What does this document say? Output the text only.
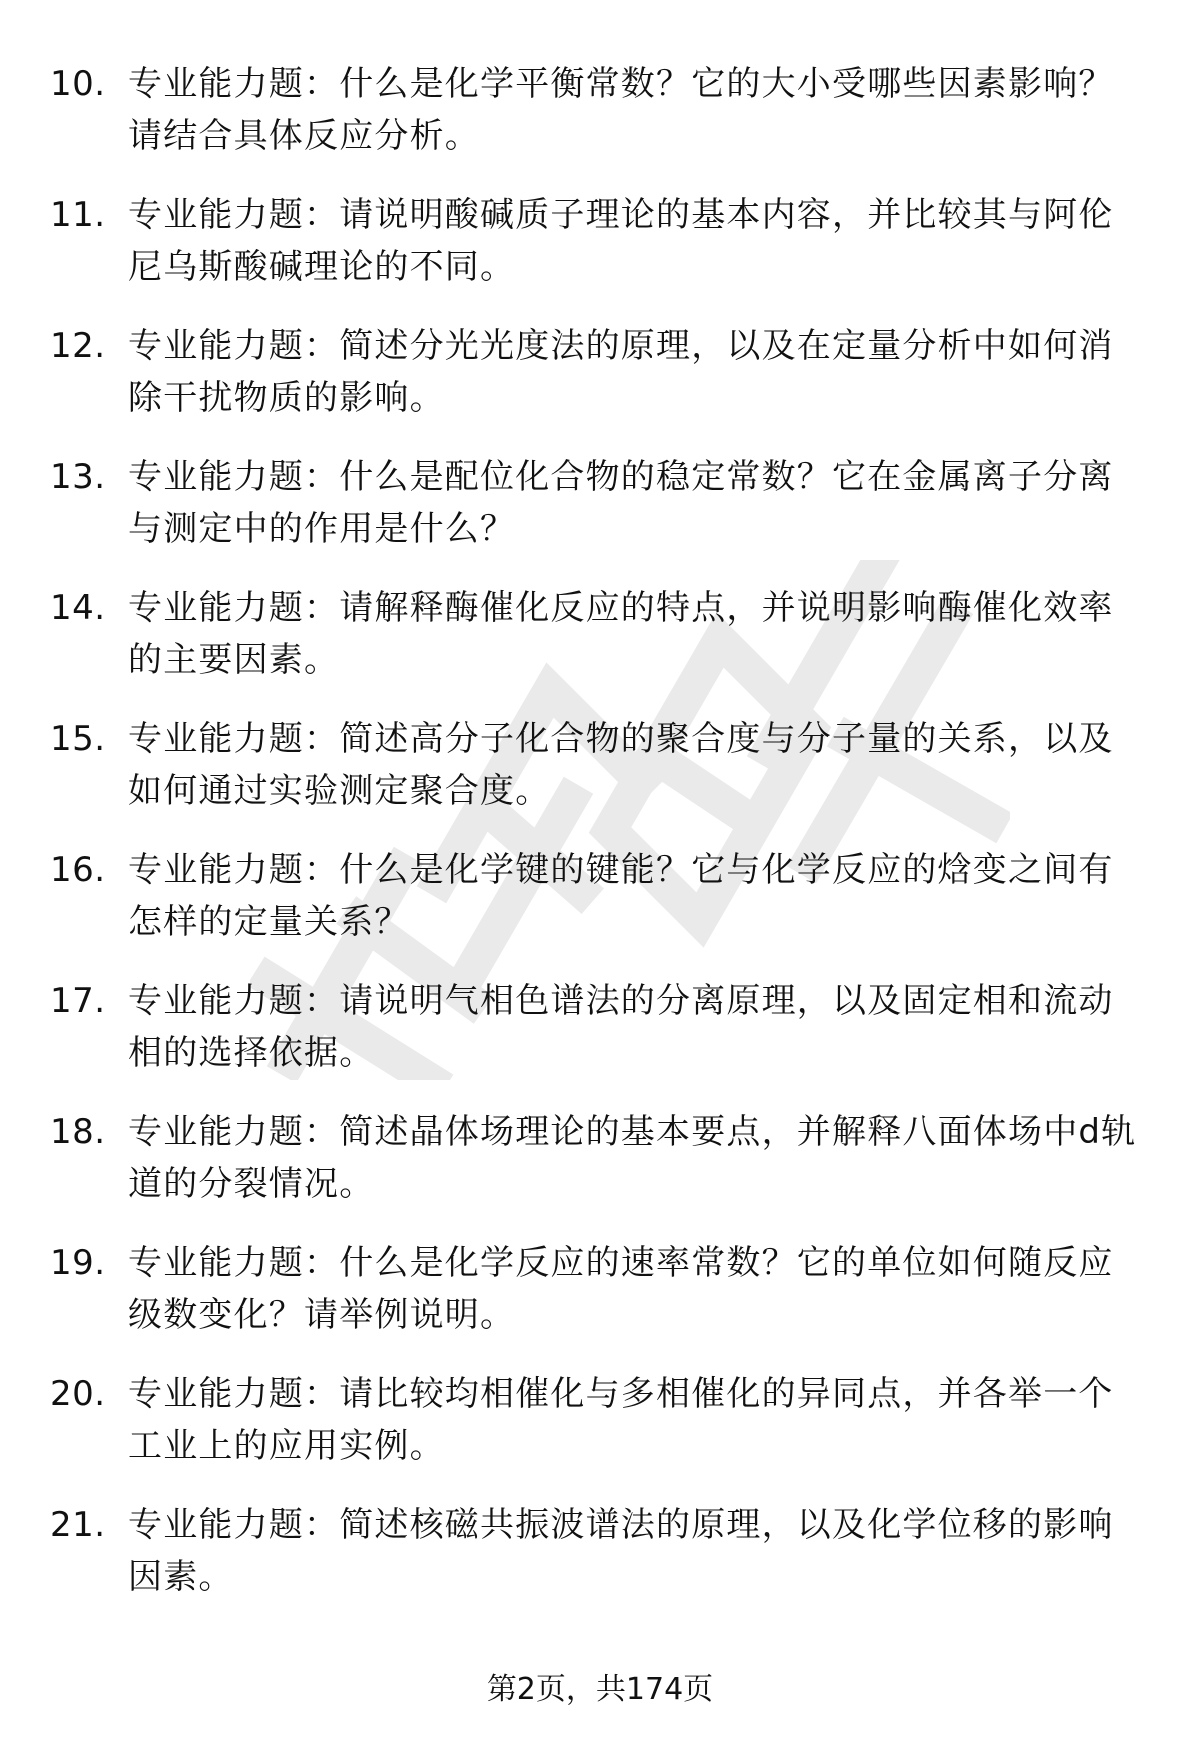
10. 专业能力题：什么是化学平衡常数？它的大小受哪些因素影响？请结合具体反应分析。
11. 专业能力题：请说明酸碱质子理论的基本内容，并比较其与阿伦尼乌斯酸碱理论的不同。
12. 专业能力题：简述分光光度法的原理，以及在定量分析中如何消除干扰物质的影响。
13. 专业能力题：什么是配位化合物的稳定常数？它在金属离子分离与测定中的作用是什么？
14. 专业能力题：请解释酶催化反应的特点，并说明影响酶催化效率的主要因素。
15. 专业能力题：简述高分子化合物的聚合度与分子量的关系，以及如何通过实验测定聚合度。
16. 专业能力题：什么是化学键的键能？它与化学反应的焓变之间有怎样的定量关系？
17. 专业能力题：请说明气相色谱法的分离原理，以及固定相和流动相的选择依据。
18. 专业能力题：简述晶体场理论的基本要点，并解释八面体场中d轨道的分裂情况。
19. 专业能力题：什么是化学反应的速率常数？它的单位如何随反应级数变化？请举例说明。
20. 专业能力题：请比较均相催化与多相催化的异同点，并各举一个工业上的应用实例。
21. 专业能力题：简述核磁共振波谱法的原理，以及化学位移的影响因素。
第2页，共174页
